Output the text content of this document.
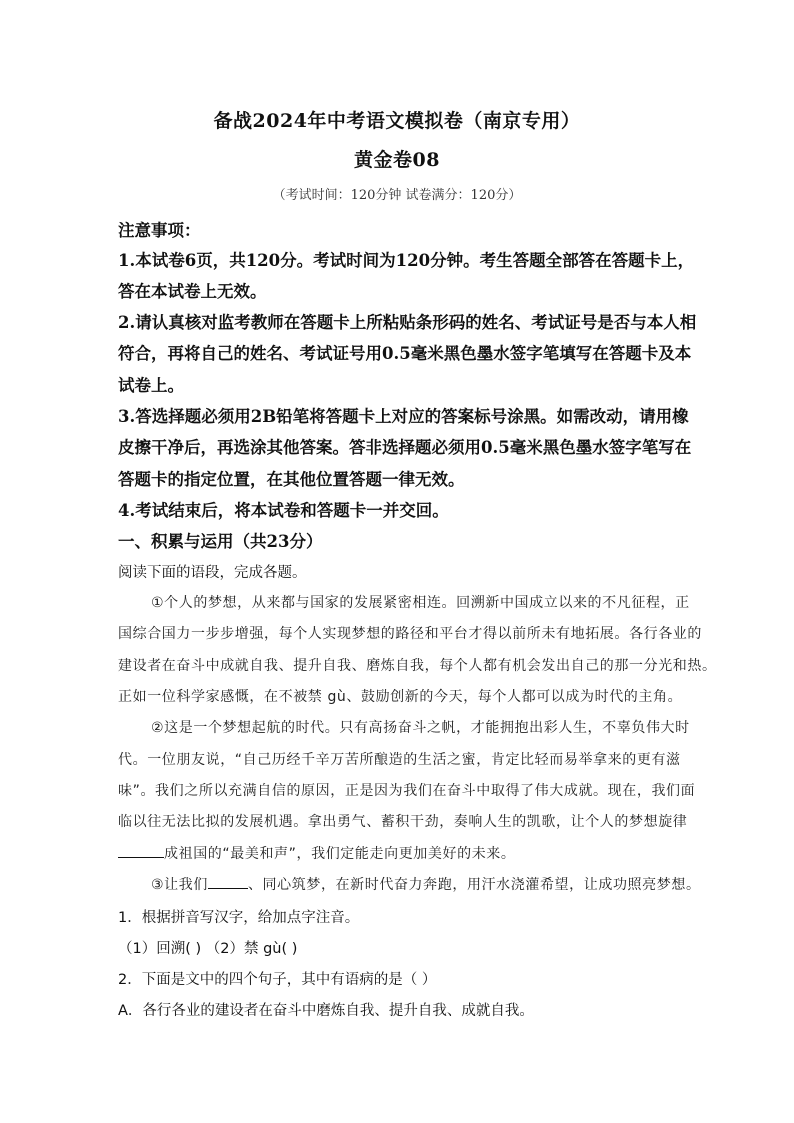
备战2024年中考语文模拟卷（南京专用）
黄金卷08
（考试时间：120分钟 试卷满分：120分）
注意事项：
1.本试卷6页，共120分。考试时间为120分钟。考生答题全部答在答题卡上，
答在本试卷上无效。
2.请认真核对监考教师在答题卡上所粘贴条形码的姓名、考试证号是否与本人相
符合，再将自己的姓名、考试证号用0.5毫米黑色墨水签字笔填写在答题卡及本
试卷上。
3.答选择题必须用2B铅笔将答题卡上对应的答案标号涂黑。如需改动，请用橡
皮擦干净后，再选涂其他答案。答非选择题必须用0.5毫米黑色墨水签字笔写在
答题卡的指定位置，在其他位置答题一律无效。
4.考试结束后，将本试卷和答题卡一并交回。
一、积累与运用（共23分）
阅读下面的语段，完成各题。
①个人的梦想，从来都与国家的发展紧密相连。回溯新中国成立以来的不凡征程，正
国综合国力一步步增强，每个人实现梦想的路径和平台才得以前所未有地拓展。各行各业的
建设者在奋斗中成就自我、提升自我、磨炼自我，每个人都有机会发出自己的那一分光和热。
正如一位科学家感慨，在不被禁 gù、鼓励创新的今天，每个人都可以成为时代的主角。
②这是一个梦想起航的时代。只有高扬奋斗之帆，才能拥抱出彩人生，不辜负伟大时
代。一位朋友说，“自己历经千辛万苦所酿造的生活之蜜，肯定比轻而易举拿来的更有滋
味”。我们之所以充满自信的原因，正是因为我们在奋斗中取得了伟大成就。现在，我们面
临以往无法比拟的发展机遇。拿出勇气、蓄积干劲，奏响人生的凯歌，让个人的梦想旋律
成祖国的“最美和声”，我们定能走向更加美好的未来。
③让我们	、同心筑梦，在新时代奋力奔跑，用汗水浇灌希望，让成功照亮梦想。
1．根据拼音写汉字，给加点字注音。
（1）回溯( ) （2）禁 gù( )
2．下面是文中的四个句子，其中有语病的是（ ）
A．各行各业的建设者在奋斗中磨炼自我、提升自我、成就自我。
